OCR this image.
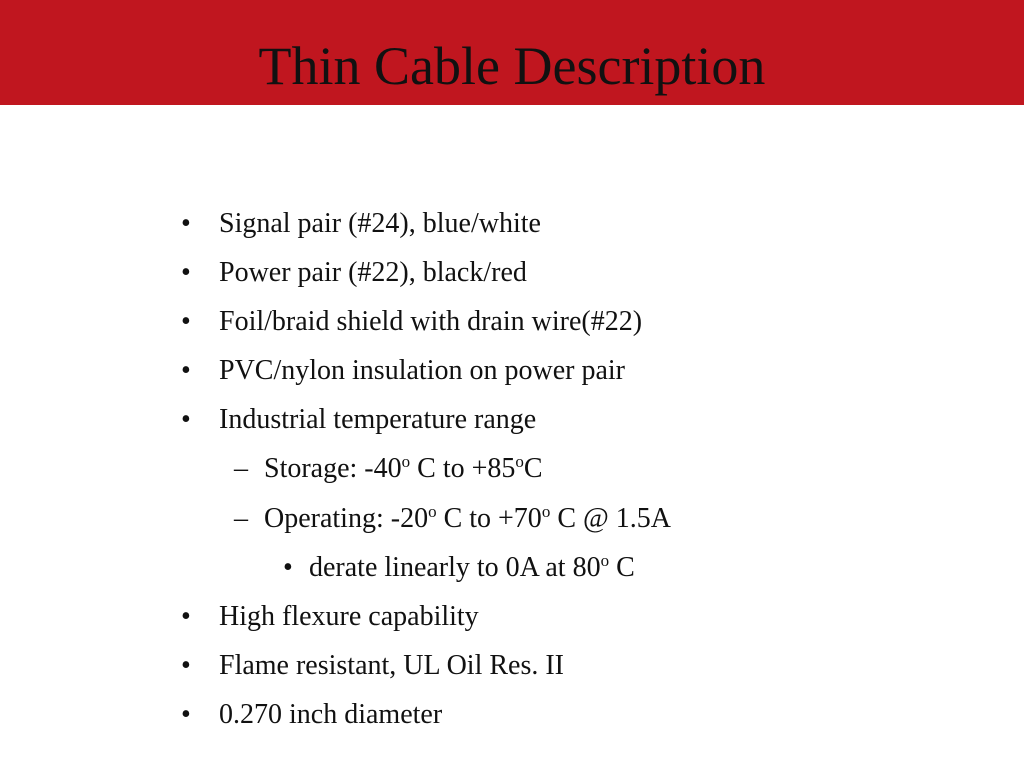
Thin Cable Description
• Signal pair (#24), blue/white
• Power pair (#22), black/red
• Foil/braid shield with drain wire(#22)
• PVC/nylon insulation on power pair
• Industrial temperature range
– Storage: -40$^o$ C to $+85^oC$
– Operating: -20$^o$ C to $+70^o$ C @ 1.5A
• derate linearly to 0A at 80$^o$ C
• High flexure capability
• Flame resistant, UL Oil Res. II
• 0.270 inch diameter
